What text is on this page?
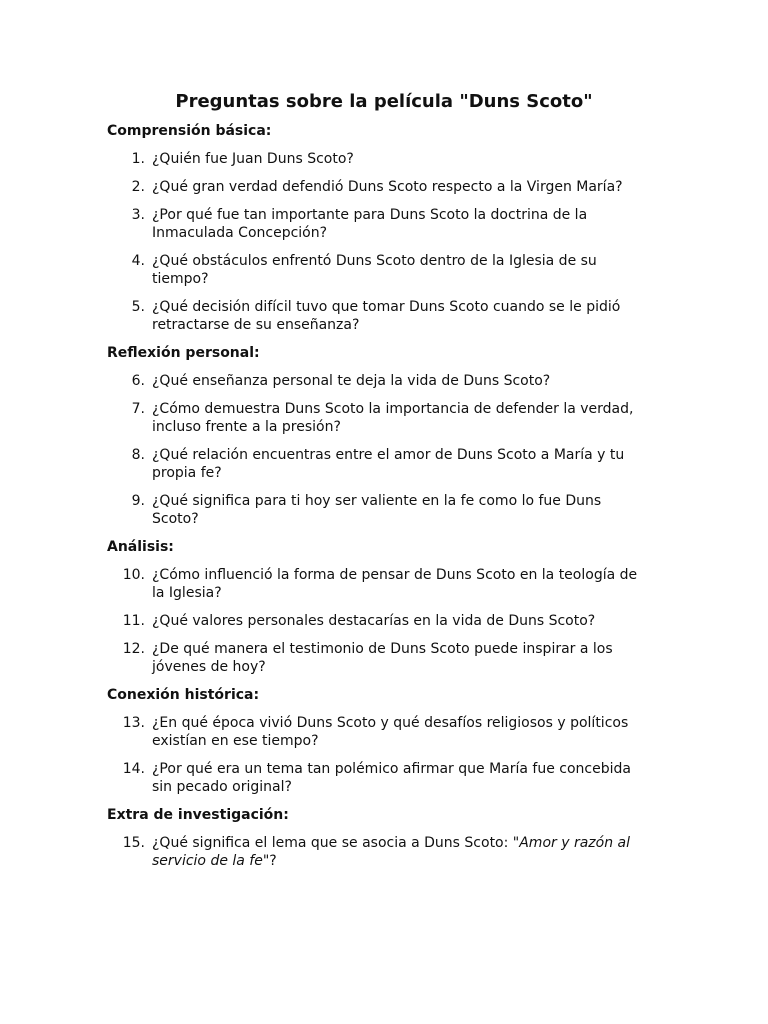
Preguntas sobre la película "Duns Scoto"
Comprensión básica:
1. ¿Quién fue Juan Duns Scoto?
2. ¿Qué gran verdad defendió Duns Scoto respecto a la Virgen María?
3. ¿Por qué fue tan importante para Duns Scoto la doctrina de la Inmaculada Concepción?
4. ¿Qué obstáculos enfrentó Duns Scoto dentro de la Iglesia de su tiempo?
5. ¿Qué decisión difícil tuvo que tomar Duns Scoto cuando se le pidió retractarse de su enseñanza?
Reflexión personal:
6. ¿Qué enseñanza personal te deja la vida de Duns Scoto?
7. ¿Cómo demuestra Duns Scoto la importancia de defender la verdad, incluso frente a la presión?
8. ¿Qué relación encuentras entre el amor de Duns Scoto a María y tu propia fe?
9. ¿Qué significa para ti hoy ser valiente en la fe como lo fue Duns Scoto?
Análisis:
10. ¿Cómo influenció la forma de pensar de Duns Scoto en la teología de la Iglesia?
11. ¿Qué valores personales destacarías en la vida de Duns Scoto?
12. ¿De qué manera el testimonio de Duns Scoto puede inspirar a los jóvenes de hoy?
Conexión histórica:
13. ¿En qué época vivió Duns Scoto y qué desafíos religiosos y políticos existían en ese tiempo?
14. ¿Por qué era un tema tan polémico afirmar que María fue concebida sin pecado original?
Extra de investigación:
15. ¿Qué significa el lema que se asocia a Duns Scoto: "Amor y razón al servicio de la fe"?
